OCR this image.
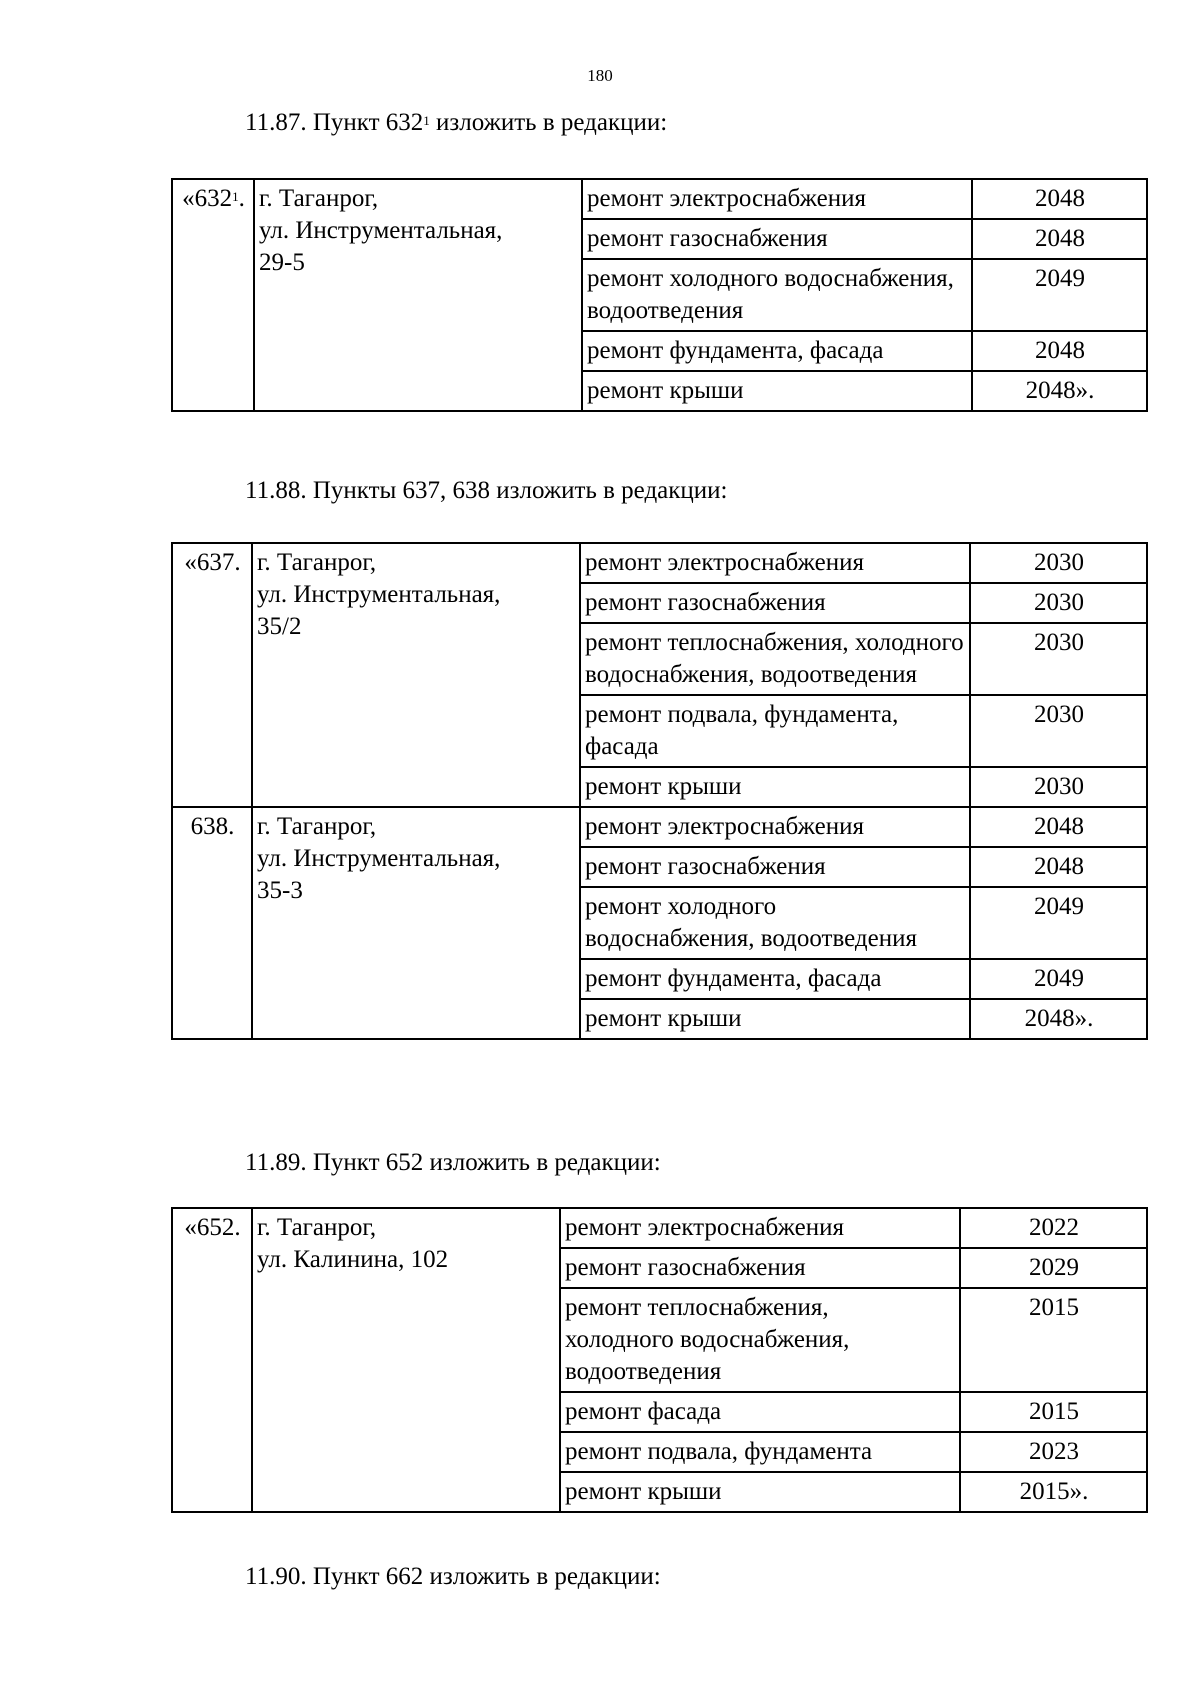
180
11.87. Пункт $632^1$ изложить в редакции:
«$632^1$.	г. Таганрог,
ул. Инструментальная,
29-5	ремонт электроснабжения	2048
		ремонт газоснабжения	2048
		ремонт холодного водоснабжения, водоотведения	2049
		ремонт фундамента, фасада	2048
		ремонт крыши	2048».
11.88. Пункты 637, 638 изложить в редакции:
«637.	г. Таганрог,
ул. Инструментальная,
35/2	ремонт электроснабжения	2030
		ремонт газоснабжения	2030
		ремонт теплоснабжения, холодного водоснабжения, водоотведения	2030
		ремонт подвала, фундамента, фасада	2030
		ремонт крыши	2030
638.	г. Таганрог,
ул. Инструментальная,
35-3	ремонт электроснабжения	2048
		ремонт газоснабжения	2048
		ремонт холодного водоснабжения, водоотведения	2049
		ремонт фундамента, фасада	2049
		ремонт крыши	2048».
11.89. Пункт 652 изложить в редакции:
«652.	г. Таганрог,
ул. Калинина, 102	ремонт электроснабжения	2022
		ремонт газоснабжения	2029
		ремонт теплоснабжения, холодного водоснабжения, водоотведения	2015
		ремонт фасада	2015
		ремонт подвала, фундамента	2023
		ремонт крыши	2015».
11.90. Пункт 662 изложить в редакции:
